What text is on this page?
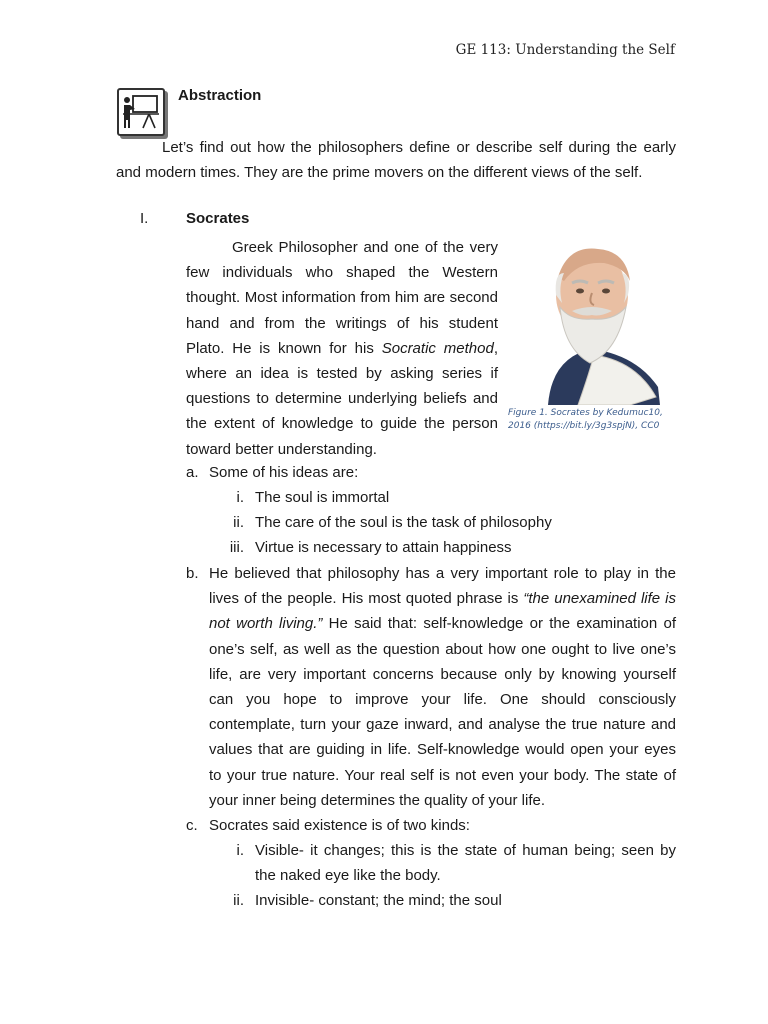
GE 113: Understanding the Self
Abstraction

Let’s find out how the philosophers define or describe self during the early and modern times. They are the prime movers on the different views of the self.

I.	Socrates
Figure 1. Socrates by Kedumuc10, 2016 (https://bit.ly/3g3spjN), CC0

Greek Philosopher and one of the very few individuals who shaped the Western thought. Most information from him are second hand and from the writings of his student Plato. He is known for his Socratic method, where an idea is tested by asking series if questions to determine underlying beliefs and the extent of knowledge to guide the person toward better understanding.

a. Some of his ideas are:
i. The soul is immortal
ii. The care of the soul is the task of philosophy
iii. Virtue is necessary to attain happiness
b. He believed that philosophy has a very important role to play in the lives of the people. His most quoted phrase is “the unexamined life is not worth living.” He said that: self-knowledge or the examination of one’s self, as well as the question about how one ought to live one’s life, are very important concerns because only by knowing yourself can you hope to improve your life. One should consciously contemplate, turn your gaze inward, and analyse the true nature and values that are guiding in life. Self-knowledge would open your eyes to your true nature. Your real self is not even your body. The state of your inner being determines the quality of your life.

c. Socrates said existence is of two kinds:
i. Visible- it changes; this is the state of human being; seen by the naked eye like the body.

ii. Invisible- constant; the mind; the soul
